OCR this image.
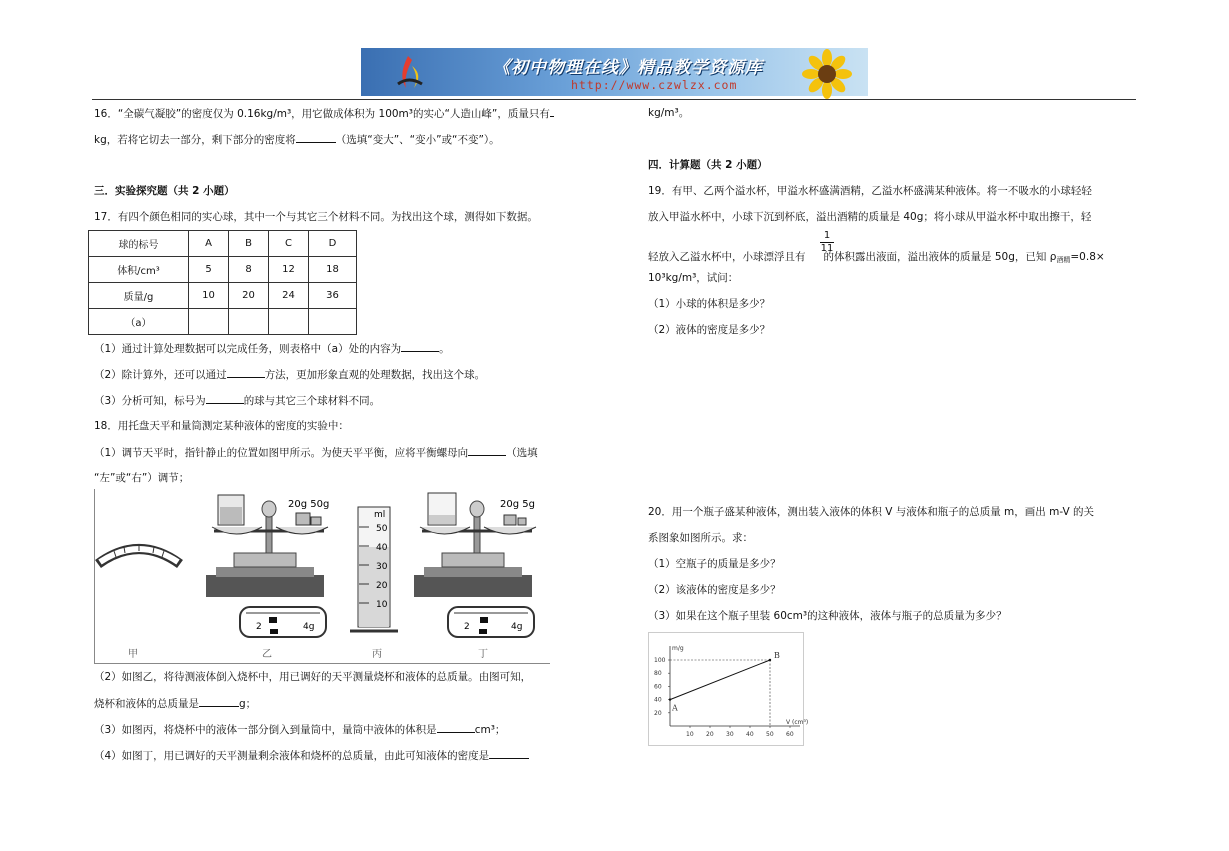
《初中物理在线》精品教学资源库
http://www.czwlzx.com
16．“全碳气凝胶”的密度仅为 0.16kg/m³，用它做成体积为 100m³的实心“人造山峰”，质量只有
kg，若将它切去一部分，剩下部分的密度将	（选填“变大”、“变小”或“不变”）。
三．实验探究题（共 2 小题）
17．有四个颜色相同的实心球，其中一个与其它三个材料不同。为找出这个球，测得如下数据。
球的标号	A	B	C	D
体积/cm³	5	8	12	18
质量/g	10	20	24	36
（a）				
（1）通过计算处理数据可以完成任务，则表格中（a）处的内容为	。
（2）除计算外，还可以通过	方法，更加形象直观的处理数据，找出这个球。
（3）分析可知，标号为	的球与其它三个球材料不同。
18．用托盘天平和量筒测定某种液体的密度的实验中：
（1）调节天平时，指针静止的位置如图甲所示。为使天平平衡，应将平衡螺母向	（选填
“左”或“右”）调节；
20g 50g
2	4g
ml
50
40
30
20
10
20g 5g
2	4g
甲	乙	丙	丁
（2）如图乙，将待测液体倒入烧杯中，用已调好的天平测量烧杯和液体的总质量。由图可知，
烧杯和液体的总质量是	g；
（3）如图丙，将烧杯中的液体一部分倒入到量筒中，量筒中液体的体积是	cm³；
（4）如图丁，用已调好的天平测量剩余液体和烧杯的总质量，由此可知液体的密度是
kg/m³。
四．计算题（共 2 小题）
19．有甲、乙两个溢水杯，甲溢水杯盛满酒精，乙溢水杯盛满某种液体。将一不吸水的小球轻轻
放入甲溢水杯中，小球下沉到杯底，溢出酒精的质量是 40g；将小球从甲溢水杯中取出擦干，轻
轻放入乙溢水杯中，小球漂浮且有 的体积露出液面，溢出液体的质量是 50g，已知 $\rho_{酒精}=0.8\times$
$\frac{1}{11}$
10³kg/m³，试问：
（1）小球的体积是多少？
（2）液体的密度是多少？
20．用一个瓶子盛某种液体，测出装入液体的体积 V 与液体和瓶子的总质量 m，画出 m-V 的关
系图象如图所示。求：
（1）空瓶子的质量是多少？
（2）该液体的密度是多少？
（3）如果在这个瓶子里装 60cm³的这种液体，液体与瓶子的总质量为多少？
m/g
V (cm³)
10 20 30 40 50 60
20
40
60
80
100
A
B
